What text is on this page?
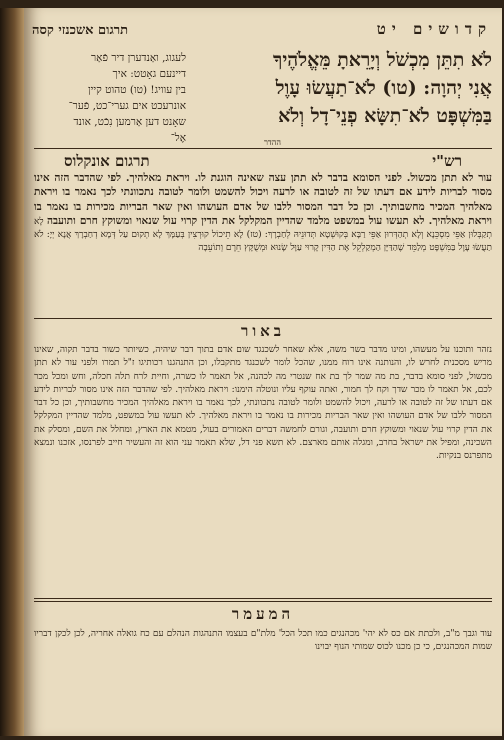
קדושים יט
תרגום אשכנזי קסה
לֹא תִתֵּן מִכְשֹׁל וְיָרֵאתָ מֵּאֱלֹהֶיךָ
אֲנִי יְהוָה: (טו) לֹא־תַעֲשׂוּ עָוֶל
בַּמִּשְׁפָּט לֹא־תִשָּׂא פְנֵי־דָל וְלֹא
לעגוג, ואַנדערן דיר פֿאַר
דיינעם גאָטט: איך
בין עוויג! (טו) טהוט קיין
אונרעכט אים גערי־כט, פֿער־
שאָנט דען אַרמען נִכֿט, אונד
אֶל־	ההדר
רש"י
תרגום אונקלוס
עור לא תתן מכשול. לפני הסומא בדבר לא תתן עצה שאינה הוגנת לו. ויראת מאלהיך. לפי שהדבר הזה אינו מסור לבריות לידע אם דעתו של זה לטובה או לרעה ויכול להשמט ולומר לטובה נתכוונתי לכך נאמר בו ויראת מאלהיך המכיר מחשבותיך. וכן כל דבר המסור ללבו של אדם העושהו ואין שאר הבריות מכירות בו נאמר בו ויראת מאלהיך. לא תעשו עול במשפט מלמד שהדיין המקלקל את הדין קרוי עול שנאוי ומשוקץ חרם ותועבה לָא תְקַבְּלוּן אַפֵּי מִסְכֵּנָא וְלָא תְהַדְּרוּן אַפֵּי רַבָּא בְּקוּשְׁטָא תְּדוּנֵיהּ לְחַבְרָךְ: (טז) לָא תֵיכוֹל קוּרְצִין בְּעַמָּךְ לָא תְקוּם עַל דְּמָא דְחַבְרָךְ אֲנָא יְיָ: לֹא תַעֲשׂוּ עָוֶל בַּמִּשְׁפָּט מְלַמֵּד שֶׁהַדַּיָּן הַמְקַלְקֵל אֶת הַדִּין קָרוּי עַוָּל שָׂנוּא וּמְשֻׁקָּץ חֵרֶם וְתוֹעֵבָה
באור
נזהר ותוכנו על מעשהו, ומינו מדבר בשר משה, אלא שאחר לשכנגד שום אדם בתוך דבר שיהיה, כשיותר כשור בדבר תקוה, שאינו מריש מסכנית לחרש לו, והנותנה אינו רוח ממנו, שהכל לומר לשכנגד מתקבלו, וכן התנהגנו רכותיגו ז"ל תמרו ולפני עור לא תתן מכשול, לפני סומא בדבר, בת מה שמר לך בת אח שנטרי מה לכהנה, אל תאמר לו כשרה, וחיית לרח תלה חכלה, וחש ומכל מכר לכם, אל תאמר לו מכר שדך וקח לך חמור, ואתה עוקף עליו ונוטלה הימנו: ויראת מאלהיך. לפי שהדבר הזה אינו מסור לבריות לידע אם דעתו של זה לטובה או לרעה, ויכול להשמט ולומר לטובה נתכוונתי, לכך נאמר בו ויראת מאלהיך המכיר מחשבותיך, וכן כל דבר המסור ללבו של אדם העושהו ואין שאר הבריות מכירות בו נאמר בו ויראת מאלהיך. לא תעשו עול במשפט, מלמד שהדיין המקלקל את הדין קרוי עול שנאוי ומשוקץ חרם ותועבה, וגורם לחמשה דברים האמורים בעול, מטמא את הארץ, ומחלל את השם, ומסלק את השכינה, ומפיל את ישראל בחרב, ומגלה אותם מארצם. לא תשא פני דל, שלא תאמר עני הוא זה והעשיר חייב לפרנסו, אזכנו ונמצא מתפרנס בנקיות.
המעמר
עוד וגבך מ"ב, ולכתת אם כס לא יהי' מכהנגים כמו תכל הכל' מלת"ם בעצמו התנהגות הנהלם עם כח גואלה אחריה, לכן לכקן דבריו שמות המכהנגים, כי כן מכנו לכוס שמותי הנוף יבוינו
